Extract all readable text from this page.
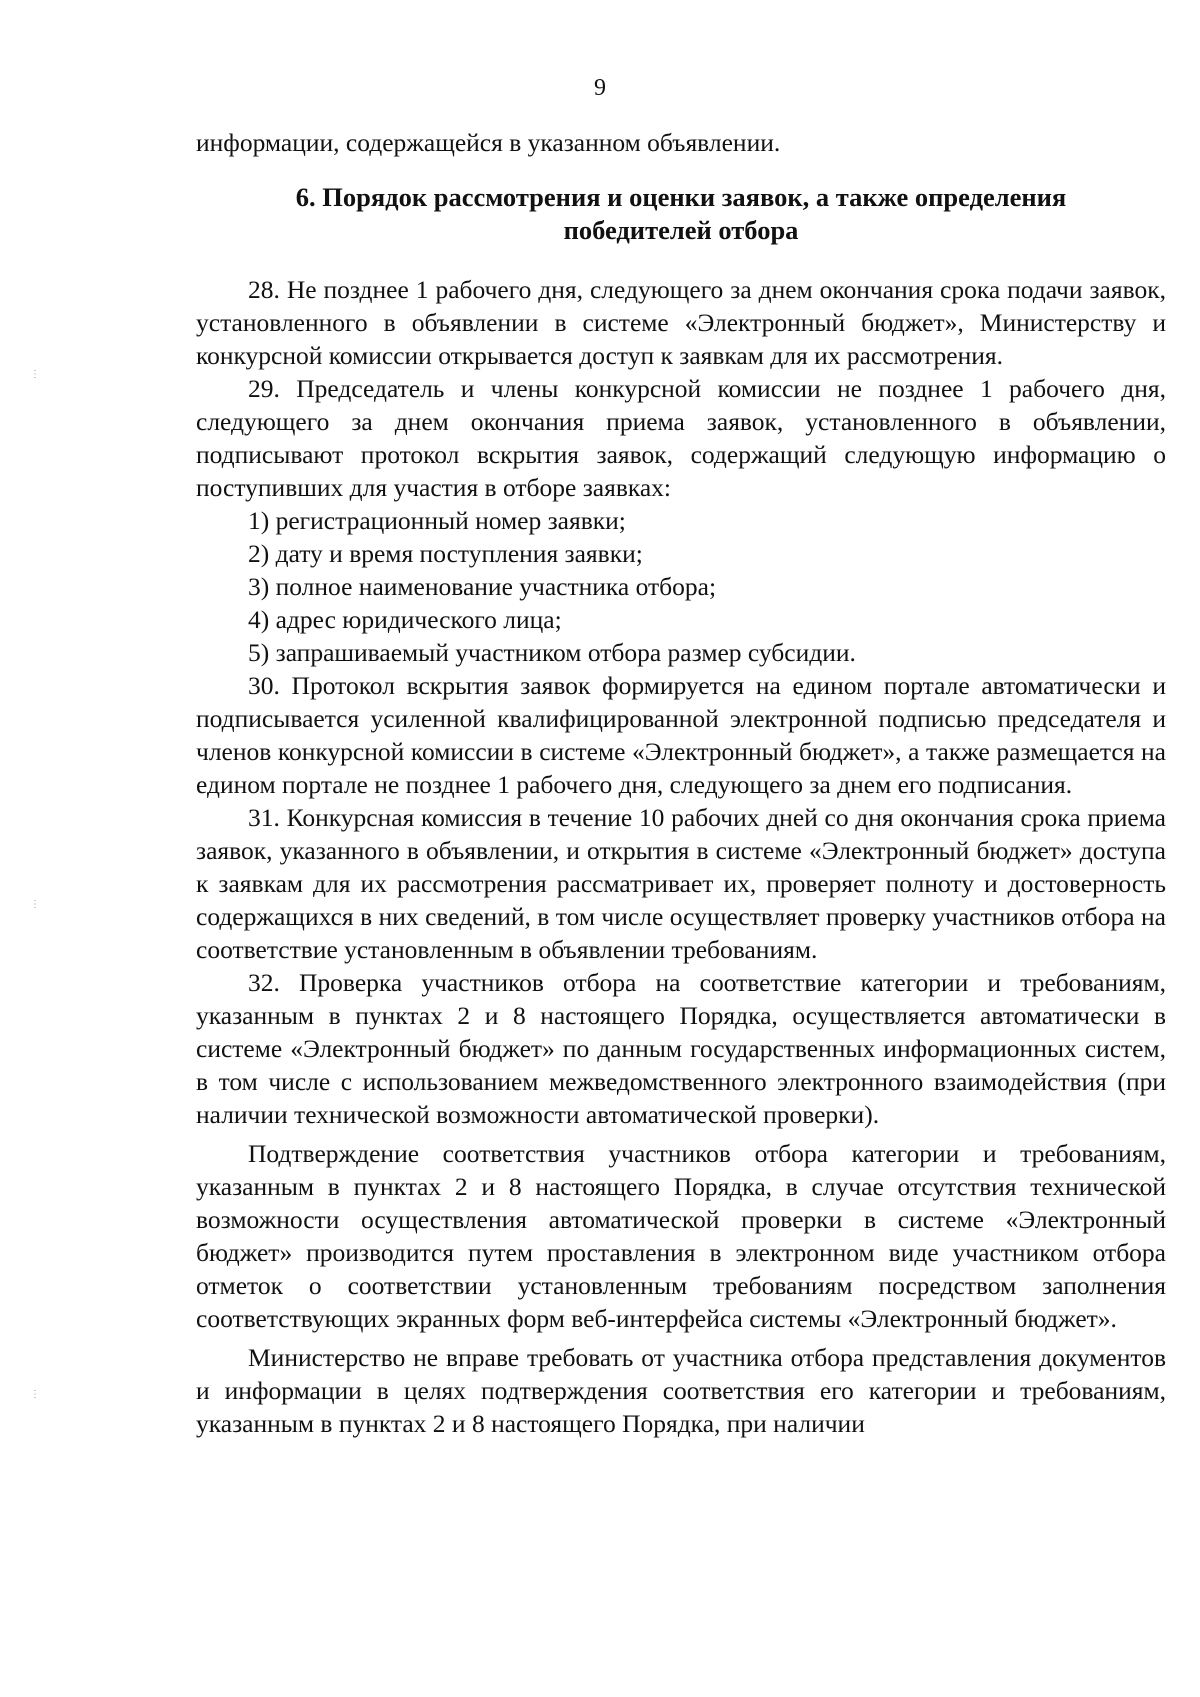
9
⋮
⋮
⋮

информации, содержащейся в указанном объявлении.

6. Порядок рассмотрения и оценки заявок, а также определения
победителей отбора

28. Не позднее 1 рабочего дня, следующего за днем окончания срока подачи заявок, установленного в объявлении в системе «Электронный бюджет», Министерству и конкурсной комиссии открывается доступ к заявкам для их рассмотрения.

29. Председатель и члены конкурсной комиссии не позднее 1 рабочего дня, следующего за днем окончания приема заявок, установленного в объявлении, подписывают протокол вскрытия заявок, содержащий следующую информацию о поступивших для участия в отборе заявках:

1) регистрационный номер заявки;

2) дату и время поступления заявки;

3) полное наименование участника отбора;

4) адрес юридического лица;

5) запрашиваемый участником отбора размер субсидии.

30. Протокол вскрытия заявок формируется на едином портале автоматически и подписывается усиленной квалифицированной электронной подписью председателя и членов конкурсной комиссии в системе «Электронный бюджет», а также размещается на едином портале не позднее 1 рабочего дня, следующего за днем его подписания.

31. Конкурсная комиссия в течение 10 рабочих дней со дня окончания срока приема заявок, указанного в объявлении, и открытия в системе «Электронный бюджет» доступа к заявкам для их рассмотрения рассматривает их, проверяет полноту и достоверность содержащихся в них сведений, в том числе осуществляет проверку участников отбора на соответствие установленным в объявлении требованиям.

32. Проверка участников отбора на соответствие категории и требованиям, указанным в пунктах 2 и 8 настоящего Порядка, осуществляется автоматически в системе «Электронный бюджет» по данным государственных информационных систем, в том числе с использованием межведомственного электронного взаимодействия (при наличии технической возможности автоматической проверки).

Подтверждение соответствия участников отбора категории и требованиям, указанным в пунктах 2 и 8 настоящего Порядка, в случае отсутствия технической возможности осуществления автоматической проверки в системе «Электронный бюджет» производится путем проставления в электронном виде участником отбора отметок о соответствии установленным требованиям посредством заполнения соответствующих экранных форм веб-интерфейса системы «Электронный бюджет».

Министерство не вправе требовать от участника отбора представления документов и информации в целях подтверждения соответствия его категории и требованиям, указанным в пунктах 2 и 8 настоящего Порядка, при наличии
